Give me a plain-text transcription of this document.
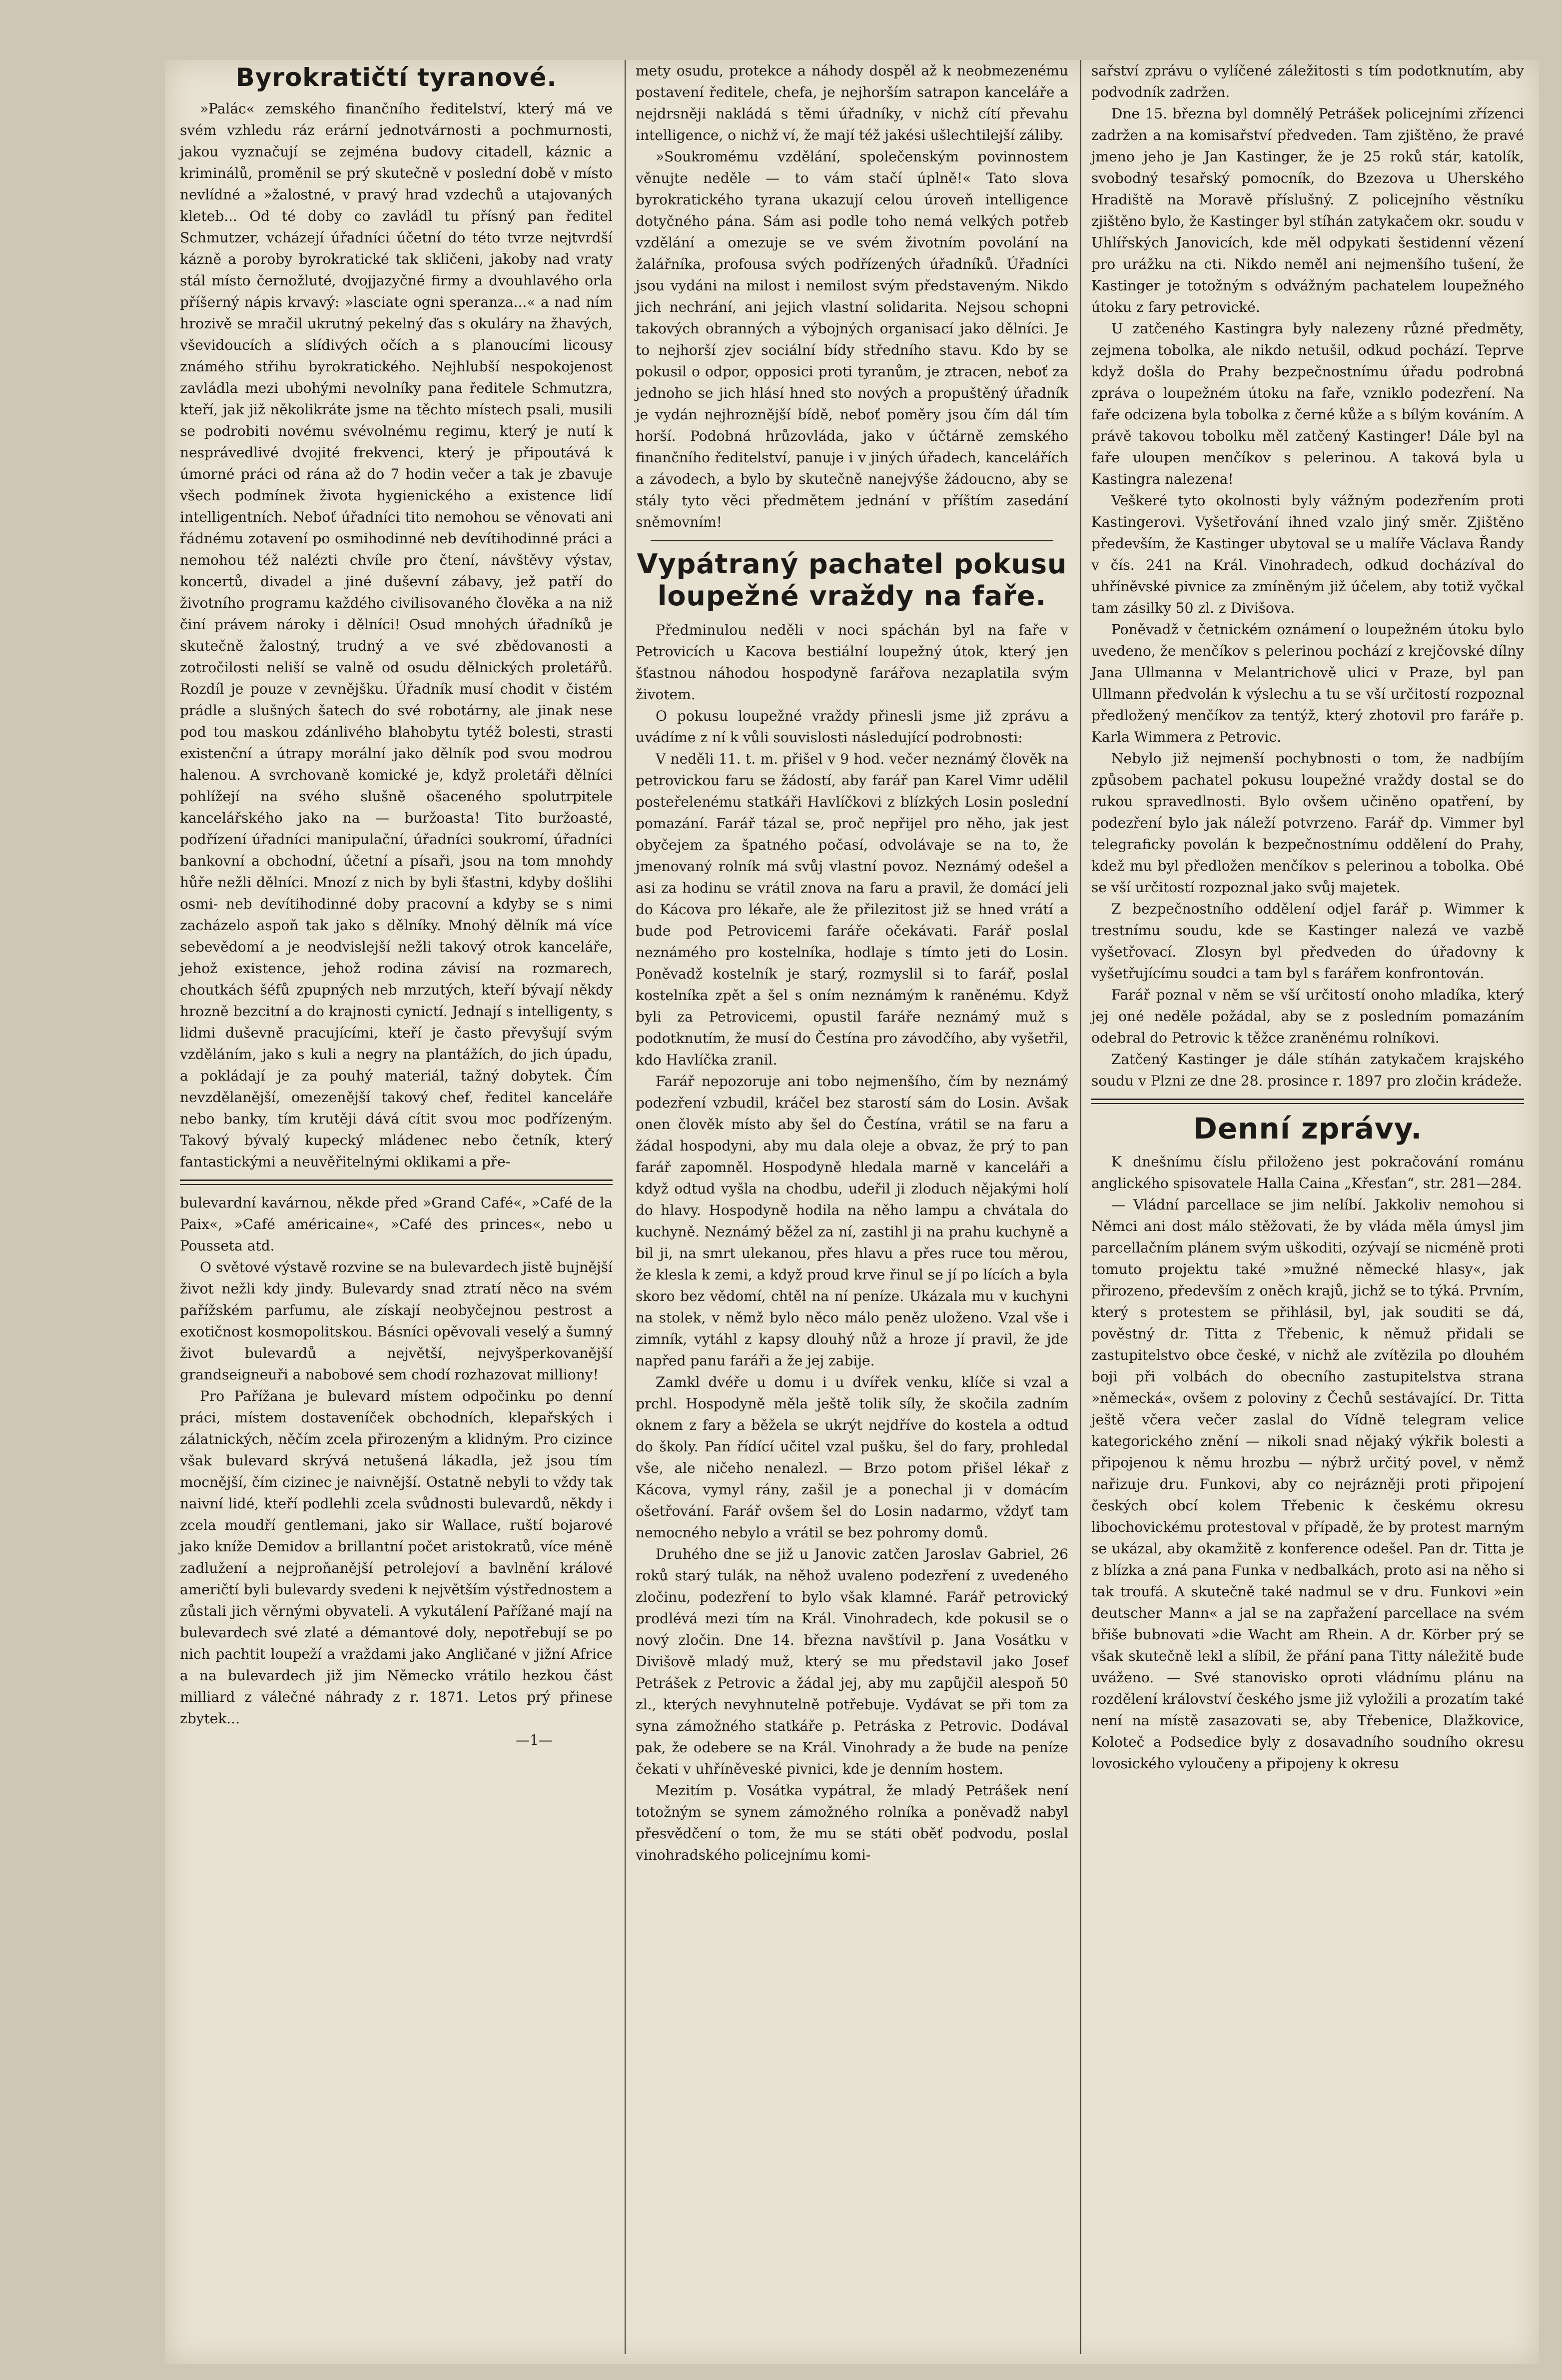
Byrokratičtí tyranové.

»Palác« zemského finančního ředitelství, který má ve svém vzhledu ráz erární jednotvárnosti a pochmurnosti, jakou vyznačují se zejména budovy citadell, káznic a kriminálů, proměnil se prý skutečně v poslední době v místo nevlídné a »žalostné, v pravý hrad vzdechů a utajovaných kleteb... Od té doby co zavládl tu přísný pan ředitel Schmutzer, vcházejí úřadníci účetní do této tvrze nejtvrdší kázně a poroby byrokratické tak skličeni, jakoby nad vraty stál místo černožluté, dvojjazyčné firmy a dvouhlavého orla příšerný nápis krvavý: »lasciate ogni speranza...« a nad ním hrozivě se mračil ukrutný pekelný ďas s okuláry na žhavých, vševidoucích a slídivých očích a s planoucími licousy známého střihu byrokratického. Nejhlubší nespokojenost zavládla mezi ubohými nevolníky pana ředitele Schmutzra, kteří, jak již několikráte jsme na těchto místech psali, musili se podrobiti novému svévolnému regimu, který je nutí k nesprávedlivé dvojité frekvenci, který je připoutává k úmorné práci od rána až do 7 hodin večer a tak je zbavuje všech podmínek života hygienického a existence lidí intelligentních. Neboť úřadníci tito nemohou se věnovati ani řádnému zotavení po osmihodinné neb devítihodinné práci a nemohou též nalézti chvíle pro čtení, návštěvy výstav, koncertů, divadel a jiné duševní zábavy, jež patří do životního programu každého civilisovaného člověka a na niž činí právem nároky i dělníci! Osud mnohých úřadníků je skutečně žalostný, trudný a ve své zbědovanosti a zotročilosti neliší se valně od osudu dělnických proletářů. Rozdíl je pouze v zevnějšku. Úřadník musí chodit v čistém prádle a slušných šatech do své robotárny, ale jinak nese pod tou maskou zdánlivého blahobytu tytéž bolesti, strasti existenční a útrapy morální jako dělník pod svou modrou halenou. A svrchovaně komické je, když proletáři dělníci pohlížejí na svého slušně ošaceného spolutrpitele kancelářského jako na — buržoasta! Tito buržoasté, podřízení úřadníci manipulační, úřadníci soukromí, úřadníci bankovní a obchodní, účetní a písaři, jsou na tom mnohdy hůře nežli dělníci. Mnozí z nich by byli šťastni, kdyby došlihi osmi- neb devítihodinné doby pracovní a kdyby se s nimi zacházelo aspoň tak jako s dělníky. Mnohý dělník má více sebevědomí a je neodvislejší nežli takový otrok kanceláře, jehož existence, jehož rodina závisí na rozmarech, choutkách šéfů zpupných neb mrzutých, kteří bývají někdy hrozně bezcitní a do krajnosti cynictí. Jednají s intelligenty, s lidmi duševně pracujícími, kteří je často převyšují svým vzděláním, jako s kuli a negry na plantážích, do jich úpadu, a pokládají je za pouhý materiál, tažný dobytek. Čím nevzdělanější, omezenější takový chef, ředitel kanceláře nebo banky, tím krutěji dává cítit svou moc podřízeným. Takový bývalý kupecký mládenec nebo četník, který fantastickými a neuvěřitelnými oklikami a pře-

bulevardní kavárnou, někde před »Grand Café«, »Café de la Paix«, »Café américaine«, »Café des princes«, nebo u Pousseta atd.

O světové výstavě rozvine se na bulevardech jistě bujnější život nežli kdy jindy. Bulevardy snad ztratí něco na svém pařížském parfumu, ale získají neobyčejnou pestrost a exotičnost kosmopolitskou. Básníci opěvovali veselý a šumný život bulevardů a největší, nejvyšperkovanější grandseigneuři a nabobové sem chodí rozhazovat milliony!

Pro Pařížana je bulevard místem odpočinku po denní práci, místem dostaveníček obchodních, klepařských i zálatnických, něčím zcela přirozeným a klidným. Pro cizince však bulevard skrývá netušená lákadla, jež jsou tím mocnější, čím cizinec je naivnější. Ostatně nebyli to vždy tak naivní lidé, kteří podlehli zcela svůdnosti bulevardů, někdy i zcela moudří gentlemani, jako sir Wallace, ruští bojarové jako kníže Demidov a brillantní počet aristokratů, více méně zadlužení a nejproňanější petrolejoví a bavlnění králové američtí byli bulevardy svedeni k největším výstřednostem a zůstali jich věrnými obyvateli. A vykutálení Pařížané mají na bulevardech své zlaté a démantové doly, nepotřebují se po nich pachtit loupeží a vraždami jako Angličané v jižní Africe a na bulevardech již jim Německo vrátilo hezkou část milliard z válečné náhrady z r. 1871. Letos prý přinese zbytek...

—1—

mety osudu, protekce a náhody dospěl až k neobmezenému postavení ředitele, chefa, je nejhorším satrapon kanceláře a nejdrsněji nakládá s těmi úřadníky, v nichž cítí převahu intelligence, o nichž ví, že mají též jakési ušlechtilejší záliby.

»Soukromému vzdělání, společenským povinnostem věnujte neděle — to vám stačí úplně!« Tato slova byrokratického tyrana ukazují celou úroveň intelligence dotyčného pána. Sám asi podle toho nemá velkých potřeb vzdělání a omezuje se ve svém životním povolání na žalářníka, profousa svých podřízených úřadníků. Úřadníci jsou vydáni na milost i nemilost svým představeným. Nikdo jich nechrání, ani jejich vlastní solidarita. Nejsou schopni takových obranných a výbojných organisací jako dělníci. Je to nejhorší zjev sociální bídy středního stavu. Kdo by se pokusil o odpor, opposici proti tyranům, je ztracen, neboť za jednoho se jich hlásí hned sto nových a propuštěný úřadník je vydán nejhroznější bídě, neboť poměry jsou čím dál tím horší. Podobná hrůzovláda, jako v účtárně zemského finančního ředitelství, panuje i v jiných úřadech, kancelářích a závodech, a bylo by skutečně nanejvýše žádoucno, aby se stály tyto věci předmětem jednání v příštím zasedání sněmovním!

Vypátraný pachatel pokusu loupežné vraždy na faře.

Předminulou neděli v noci spáchán byl na faře v Petrovicích u Kacova bestiální loupežný útok, který jen šťastnou náhodou hospodyně farářova nezaplatila svým životem.

O pokusu loupežné vraždy přinesli jsme již zprávu a uvádíme z ní k vůli souvislosti následující podrobnosti:

V neděli 11. t. m. přišel v 9 hod. večer neznámý člověk na petrovickou faru se žádostí, aby farář pan Karel Vimr udělil posteřelenému statkáři Havlíčkovi z blízkých Losin poslední pomazání. Farář tázal se, proč nepřijel pro něho, jak jest obyčejem za špatného počasí, odvolávaje se na to, že jmenovaný rolník má svůj vlastní povoz. Neznámý odešel a asi za hodinu se vrátil znova na faru a pravil, že domácí jeli do Kácova pro lékaře, ale že přilezitost již se hned vrátí a bude pod Petrovicemi faráře očekávati. Farář poslal neznámého pro kostelníka, hodlaje s tímto jeti do Losin. Poněvadž kostelník je starý, rozmyslil si to farář, poslal kostelníka zpět a šel s oním neznámým k raněnému. Když byli za Petrovicemi, opustil faráře neznámý muž s podotknutím, že musí do Čestína pro závodčího, aby vyšetřil, kdo Havlíčka zranil.

Farář nepozoruje ani tobo nejmenšího, čím by neznámý podezření vzbudil, kráčel bez starostí sám do Losin. Avšak onen člověk místo aby šel do Čestína, vrátil se na faru a žádal hospodyni, aby mu dala oleje a obvaz, že prý to pan farář zapomněl. Hospodyně hledala marně v kanceláři a když odtud vyšla na chodbu, udeřil ji zloduch nějakými holí do hlavy. Hospodyně hodila na něho lampu a chvátala do kuchyně. Neznámý běžel za ní, zastihl ji na prahu kuchyně a bil ji, na smrt ulekanou, přes hlavu a přes ruce tou měrou, že klesla k zemi, a když proud krve řinul se jí po lících a byla skoro bez vědomí, chtěl na ní peníze. Ukázala mu v kuchyni na stolek, v němž bylo něco málo peněz uloženo. Vzal vše i zimník, vytáhl z kapsy dlouhý nůž a hroze jí pravil, že jde napřed panu faráři a že jej zabije.

Zamkl dvéře u domu i u dvířek venku, klíče si vzal a prchl. Hospodyně měla ještě tolik síly, že skočila zadním oknem z fary a běžela se ukrýt nejdříve do kostela a odtud do školy. Pan řídící učitel vzal pušku, šel do fary, prohledal vše, ale ničeho nenalezl. — Brzo potom přišel lékař z Kácova, vymyl rány, zašil je a ponechal ji v domácím ošetřování. Farář ovšem šel do Losin nadarmo, vždyť tam nemocného nebylo a vrátil se bez pohromy domů.

Druhého dne se již u Janovic zatčen Jaroslav Gabriel, 26 roků starý tulák, na něhož uvaleno podezření z uvedeného zločinu, podezření to bylo však klamné. Farář petrovický prodlévá mezi tím na Král. Vinohradech, kde pokusil se o nový zločin. Dne 14. března navštívil p. Jana Vosátku v Divišově mladý muž, který se mu představil jako Josef Petrášek z Petrovic a žádal jej, aby mu zapůjčil alespoň 50 zl., kterých nevyhnutelně potřebuje. Vydávat se při tom za syna zámožného statkáře p. Petráska z Petrovic. Dodával pak, že odebere se na Král. Vinohrady a že bude na peníze čekati v uhříněveské pivnici, kde je denním hostem.

Mezitím p. Vosátka vypátral, že mladý Petrášek není totožným se synem zámožného rolníka a poněvadž nabyl přesvědčení o tom, že mu se státi oběť podvodu, poslal vinohradského policejnímu komi-

sařství zprávu o vylíčené záležitosti s tím podotknutím, aby podvodník zadržen.

Dne 15. března byl domnělý Petrášek policejními zřízenci zadržen a na komisařství předveden. Tam zjištěno, že pravé jmeno jeho je Jan Kastinger, že je 25 roků stár, katolík, svobodný tesařský pomocník, do Bzezova u Uherského Hradiště na Moravě příslušný. Z policejního věstníku zjištěno bylo, že Kastinger byl stíhán zatykačem okr. soudu v Uhlířských Janovicích, kde měl odpykati šestidenní vězení pro urážku na cti. Nikdo neměl ani nejmenšího tušení, že Kastinger je totožným s odvážným pachatelem loupežného útoku z fary petrovické.

U zatčeného Kastingra byly nalezeny různé předměty, zejmena tobolka, ale nikdo netušil, odkud pochází. Teprve když došla do Prahy bezpečnostnímu úřadu podrobná zpráva o loupežném útoku na faře, vzniklo podezření. Na faře odcizena byla tobolka z černé kůže a s bílým kováním. A právě takovou tobolku měl zatčený Kastinger! Dále byl na faře uloupen menčíkov s pelerinou. A taková byla u Kastingra nalezena!

Veškeré tyto okolnosti byly vážným podezřením proti Kastingerovi. Vyšetřování ihned vzalo jiný směr. Zjištěno především, že Kastinger ubytoval se u malíře Václava Řandy v čís. 241 na Král. Vinohradech, odkud docházíval do uhříněvské pivnice za zmíněným již účelem, aby totiž vyčkal tam zásilky 50 zl. z Divišova.

Poněvadž v četnickém oznámení o loupežném útoku bylo uvedeno, že menčíkov s pelerinou pochází z krejčovské dílny Jana Ullmanna v Melantrichově ulici v Praze, byl pan Ullmann předvolán k výslechu a tu se vší určitostí rozpoznal předložený menčíkov za tentýž, který zhotovil pro faráře p. Karla Wimmera z Petrovic.

Nebylo již nejmenší pochybnosti o tom, že nadbíjím způsobem pachatel pokusu loupežné vraždy dostal se do rukou spravedlnosti. Bylo ovšem učiněno opatření, by podezření bylo jak náleží potvrzeno. Farář dp. Vimmer byl telegraficky povolán k bezpečnostnímu oddělení do Prahy, kdež mu byl předložen menčíkov s pelerinou a tobolka. Obé se vší určitostí rozpoznal jako svůj majetek.

Z bezpečnostního oddělení odjel farář p. Wimmer k trestnímu soudu, kde se Kastinger nalezá ve vazbě vyšetřovací. Zlosyn byl předveden do úřadovny k vyšetřujícímu soudci a tam byl s farářem konfrontován.

Farář poznal v něm se vší určitostí onoho mladíka, který jej oné neděle požádal, aby se z posledním pomazáním odebral do Petrovic k těžce zraněnému rolníkovi.

Zatčený Kastinger je dále stíhán zatykačem krajského soudu v Plzni ze dne 28. prosince r. 1897 pro zločin krádeže.

Denní zprávy.

K dnešnímu číslu přiloženo jest pokračování románu anglického spisovatele Halla Caina „Křesťan“, str. 281—284.

— Vládní parcellace se jim nelíbí. Jakkoliv nemohou si Němci ani dost málo stěžovati, že by vláda měla úmysl jim parcellačním plánem svým uškoditi, ozývají se nicméně proti tomuto projektu také »mužné německé hlasy«, jak přirozeno, především z oněch krajů, jichž se to týká. Prvním, který s protestem se přihlásil, byl, jak souditi se dá, pověstný dr. Titta z Třebenic, k němuž přidali se zastupitelstvo obce české, v nichž ale zvítězila po dlouhém boji při volbách do obecního zastupitelstva strana »německá«, ovšem z poloviny z Čechů sestávající. Dr. Titta ještě včera večer zaslal do Vídně telegram velice kategorického znění — nikoli snad nějaký výkřik bolesti a připojenou k němu hrozbu — nýbrž určitý povel, v němž nařizuje dru. Funkovi, aby co nejrázněji proti připojení českých obcí kolem Třebenic k českému okresu libochovickému protestoval v případě, že by protest marným se ukázal, aby okamžitě z konference odešel. Pan dr. Titta je z blízka a zná pana Funka v nedbalkách, proto asi na něho si tak troufá. A skutečně také nadmul se v dru. Funkovi »ein deutscher Mann« a jal se na zapřažení parcellace na svém břiše bubnovati »die Wacht am Rhein. A dr. Körber prý se však skutečně lekl a slíbil, že přání pana Titty náležitě bude uváženo. — Své stanovisko oproti vládnímu plánu na rozdělení království českého jsme již vyložili a prozatím také není na místě zasazovati se, aby Třebenice, Dlažkovice, Koloteč a Podsedice byly z dosavadního soudního okresu lovosického vyloučeny a připojeny k okresu
